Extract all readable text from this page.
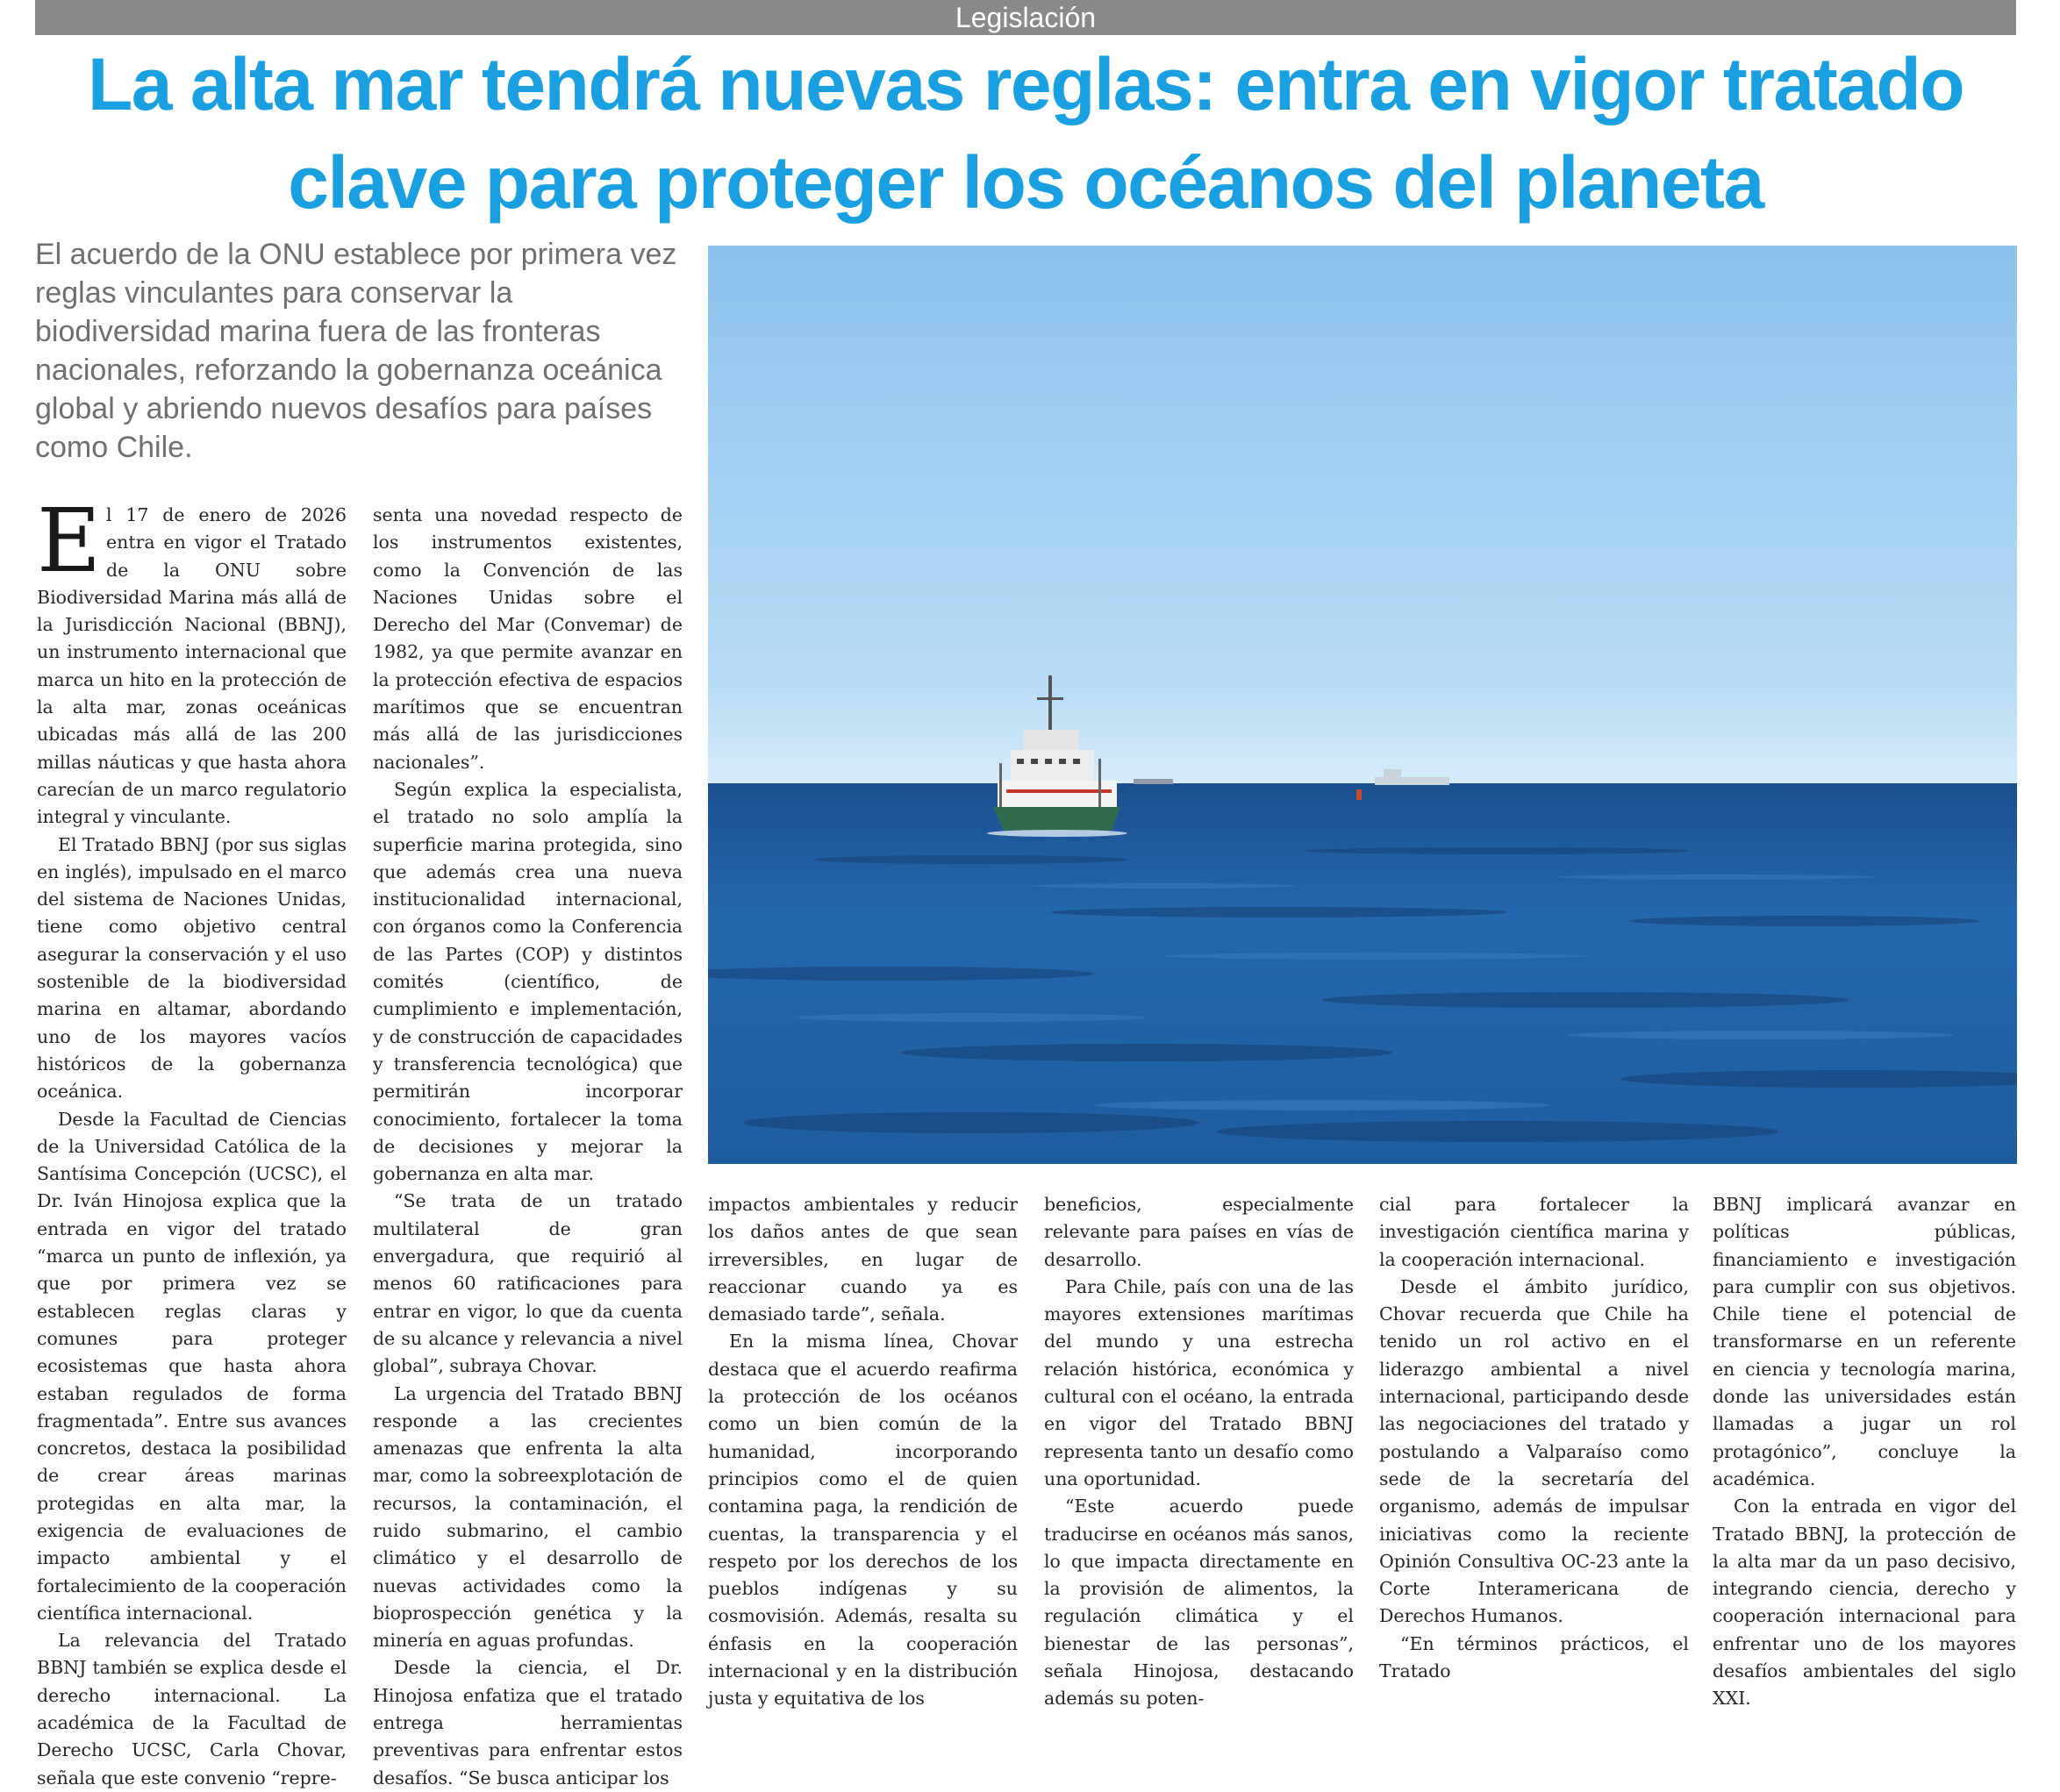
Legislación
La alta mar tendrá nuevas reglas: entra en vigor tratado
clave para proteger los océanos del planeta

El acuerdo de la ONU establece por primera vez reglas vinculantes para conservar la biodiversidad marina fuera de las fronteras nacionales, reforzando la gobernanza oceánica global y abriendo nuevos desafíos para países como Chile.

El 17 de enero de 2026 entra en vigor el Tratado de la ONU sobre Biodiversidad Marina más allá de la Jurisdicción Nacional (BBNJ), un instrumento internacional que marca un hito en la protección de la alta mar, zonas oceánicas ubicadas más allá de las 200 millas náuticas y que hasta ahora carecían de un marco regulatorio integral y vinculante.

El Tratado BBNJ (por sus siglas en inglés), impulsado en el marco del sistema de Naciones Unidas, tiene como objetivo central asegurar la conservación y el uso sostenible de la biodiversidad marina en altamar, abordando uno de los mayores vacíos históricos de la gobernanza oceánica.

Desde la Facultad de Ciencias de la Universidad Católica de la Santísima Concepción (UCSC), el Dr. Iván Hinojosa explica que la entrada en vigor del tratado “marca un punto de inflexión, ya que por primera vez se establecen reglas claras y comunes para proteger ecosistemas que hasta ahora estaban regulados de forma fragmentada”. Entre sus avances concretos, destaca la posibilidad de crear áreas marinas protegidas en alta mar, la exigencia de evaluaciones de impacto ambiental y el fortalecimiento de la cooperación científica internacional.

La relevancia del Tratado BBNJ también se explica desde el derecho internacional. La académica de la Facultad de Derecho UCSC, Carla Chovar, señala que este convenio “repre-

senta una novedad respecto de los instrumentos existentes, como la Convención de las Naciones Unidas sobre el Derecho del Mar (Convemar) de 1982, ya que permite avanzar en la protección efectiva de espacios marítimos que se encuentran más allá de las jurisdicciones nacionales”.

Según explica la especialista, el tratado no solo amplía la superficie marina protegida, sino que además crea una nueva institucionalidad internacional, con órganos como la Conferencia de las Partes (COP) y distintos comités (científico, de cumplimiento e implementación, y de construcción de capacidades y transferencia tecnológica) que permitirán incorporar conocimiento, fortalecer la toma de decisiones y mejorar la gobernanza en alta mar.

“Se trata de un tratado multilateral de gran envergadura, que requirió al menos 60 ratificaciones para entrar en vigor, lo que da cuenta de su alcance y relevancia a nivel global”, subraya Chovar.

La urgencia del Tratado BBNJ responde a las crecientes amenazas que enfrenta la alta mar, como la sobreexplotación de recursos, la contaminación, el ruido submarino, el cambio climático y el desarrollo de nuevas actividades como la bioprospección genética y la minería en aguas profundas.

Desde la ciencia, el Dr. Hinojosa enfatiza que el tratado entrega herramientas preventivas para enfrentar estos desafíos. “Se busca anticipar los

impactos ambientales y reducir los daños antes de que sean irreversibles, en lugar de reaccionar cuando ya es demasiado tarde”, señala.

En la misma línea, Chovar destaca que el acuerdo reafirma la protección de los océanos como un bien común de la humanidad, incorporando principios como el de quien contamina paga, la rendición de cuentas, la transparencia y el respeto por los derechos de los pueblos indígenas y su cosmovisión. Además, resalta su énfasis en la cooperación internacional y en la distribución justa y equitativa de los

beneficios, especialmente relevante para países en vías de desarrollo.

Para Chile, país con una de las mayores extensiones marítimas del mundo y una estrecha relación histórica, económica y cultural con el océano, la entrada en vigor del Tratado BBNJ representa tanto un desafío como una oportunidad.

“Este acuerdo puede traducirse en océanos más sanos, lo que impacta directamente en la provisión de alimentos, la regulación climática y el bienestar de las personas”, señala Hinojosa, destacando además su poten-

cial para fortalecer la investigación científica marina y la cooperación internacional.

Desde el ámbito jurídico, Chovar recuerda que Chile ha tenido un rol activo en el liderazgo ambiental a nivel internacional, participando desde las negociaciones del tratado y postulando a Valparaíso como sede de la secretaría del organismo, además de impulsar iniciativas como la reciente Opinión Consultiva OC-23 ante la Corte Interamericana de Derechos Humanos.

“En términos prácticos, el Tratado

BBNJ implicará avanzar en políticas públicas, financiamiento e investigación para cumplir con sus objetivos. Chile tiene el potencial de transformarse en un referente en ciencia y tecnología marina, donde las universidades están llamadas a jugar un rol protagónico”, concluye la académica.

Con la entrada en vigor del Tratado BBNJ, la protección de la alta mar da un paso decisivo, integrando ciencia, derecho y cooperación internacional para enfrentar uno de los mayores desafíos ambientales del siglo XXI.
